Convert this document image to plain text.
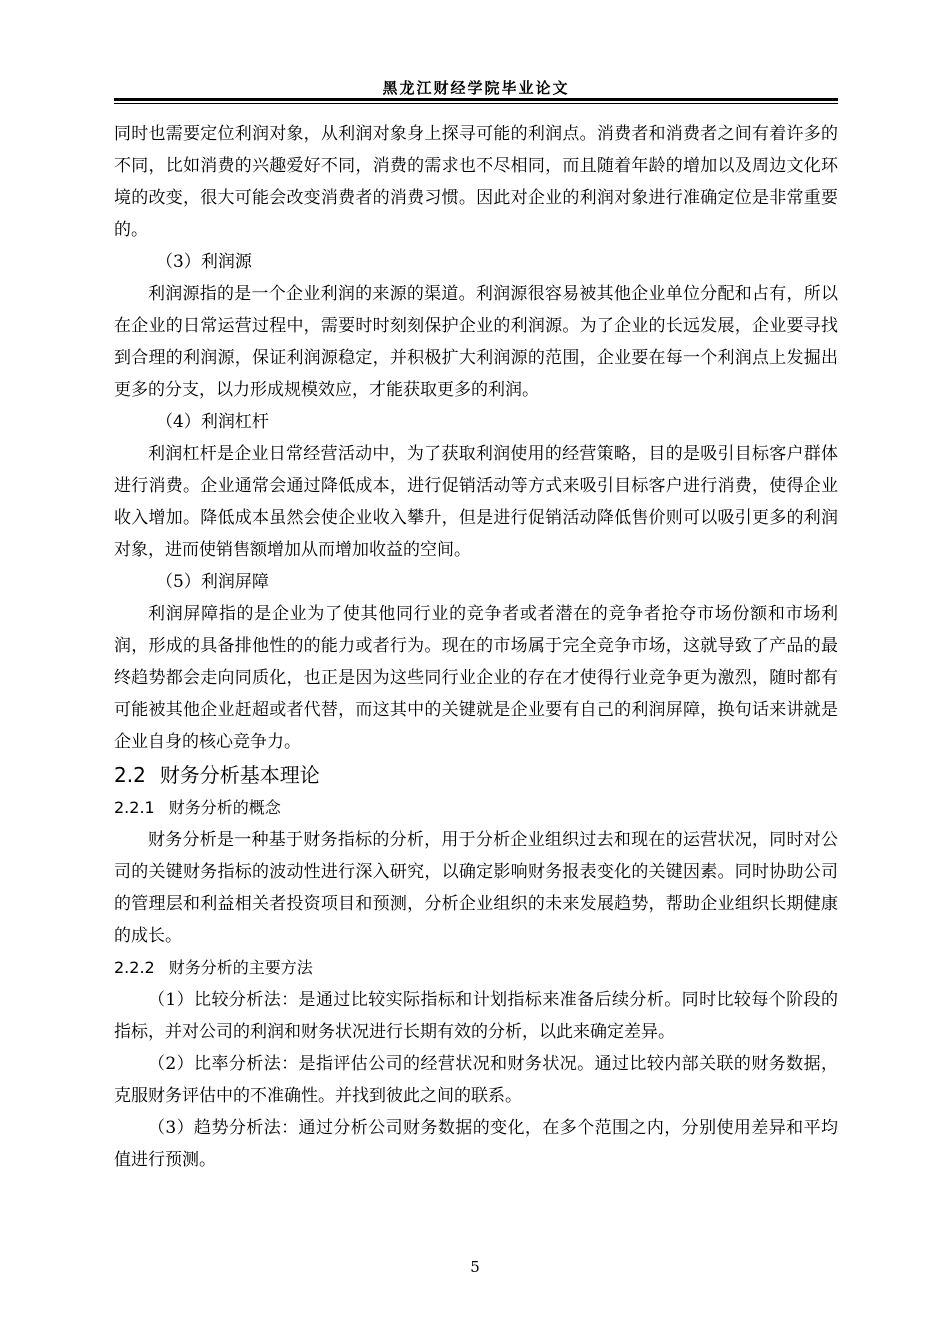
黑龙江财经学院毕业论文

同时也需要定位利润对象，从利润对象身上探寻可能的利润点。消费者和消费者之间有着许多的不同，比如消费的兴趣爱好不同，消费的需求也不尽相同，而且随着年龄的增加以及周边文化环境的改变，很大可能会改变消费者的消费习惯。因此对企业的利润对象进行准确定位是非常重要的。

（3）利润源

利润源指的是一个企业利润的来源的渠道。利润源很容易被其他企业单位分配和占有，所以在企业的日常运营过程中，需要时时刻刻保护企业的利润源。为了企业的长远发展，企业要寻找到合理的利润源，保证利润源稳定，并积极扩大利润源的范围，企业要在每一个利润点上发掘出更多的分支，以力形成规模效应，才能获取更多的利润。

（4）利润杠杆

利润杠杆是企业日常经营活动中，为了获取利润使用的经营策略，目的是吸引目标客户群体进行消费。企业通常会通过降低成本，进行促销活动等方式来吸引目标客户进行消费，使得企业收入增加。降低成本虽然会使企业收入攀升，但是进行促销活动降低售价则可以吸引更多的利润对象，进而使销售额增加从而增加收益的空间。

（5）利润屏障

利润屏障指的是企业为了使其他同行业的竞争者或者潜在的竞争者抢夺市场份额和市场利润，形成的具备排他性的的能力或者行为。现在的市场属于完全竞争市场，这就导致了产品的最终趋势都会走向同质化，也正是因为这些同行业企业的存在才使得行业竞争更为激烈，随时都有可能被其他企业赶超或者代替，而这其中的关键就是企业要有自己的利润屏障，换句话来讲就是企业自身的核心竞争力。

2.2 财务分析基本理论

2.2.1 财务分析的概念

财务分析是一种基于财务指标的分析，用于分析企业组织过去和现在的运营状况，同时对公司的关键财务指标的波动性进行深入研究，以确定影响财务报表变化的关键因素。同时协助公司的管理层和利益相关者投资项目和预测，分析企业组织的未来发展趋势，帮助企业组织长期健康的成长。

2.2.2 财务分析的主要方法

（1）比较分析法：是通过比较实际指标和计划指标来准备后续分析。同时比较每个阶段的指标，并对公司的利润和财务状况进行长期有效的分析，以此来确定差异。

（2）比率分析法：是指评估公司的经营状况和财务状况。通过比较内部关联的财务数据，克服财务评估中的不准确性。并找到彼此之间的联系。

（3）趋势分析法：通过分析公司财务数据的变化，在多个范围之内，分别使用差异和平均值进行预测。

5
